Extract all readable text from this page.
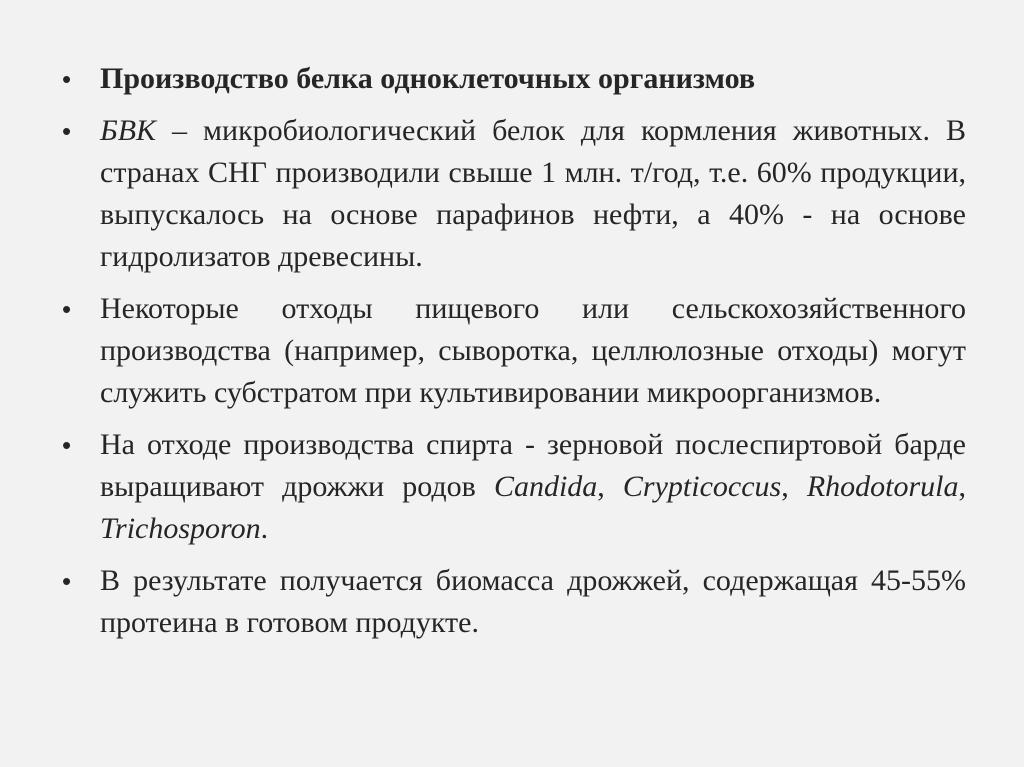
• Производство белка одноклеточных организмов
• БВК – микробиологический белок для кормления животных. В странах СНГ производили свыше 1 млн. т/год, т.е. 60% продукции, выпускалось на основе парафинов нефти, а 40% - на основе гидролизатов древесины.
• Некоторые отходы пищевого или сельскохозяйственного производства (например, сыворотка, целлюлозные отходы) могут служить субстратом при культивировании микроорганизмов.
• На отходе производства спирта - зерновой послеспиртовой барде выращивают дрожжи родов Candida, Crypticoccus, Rhodotorula, Trichosporon.
• В результате получается биомасса дрожжей, содержащая 45-55% протеина в готовом продукте.
